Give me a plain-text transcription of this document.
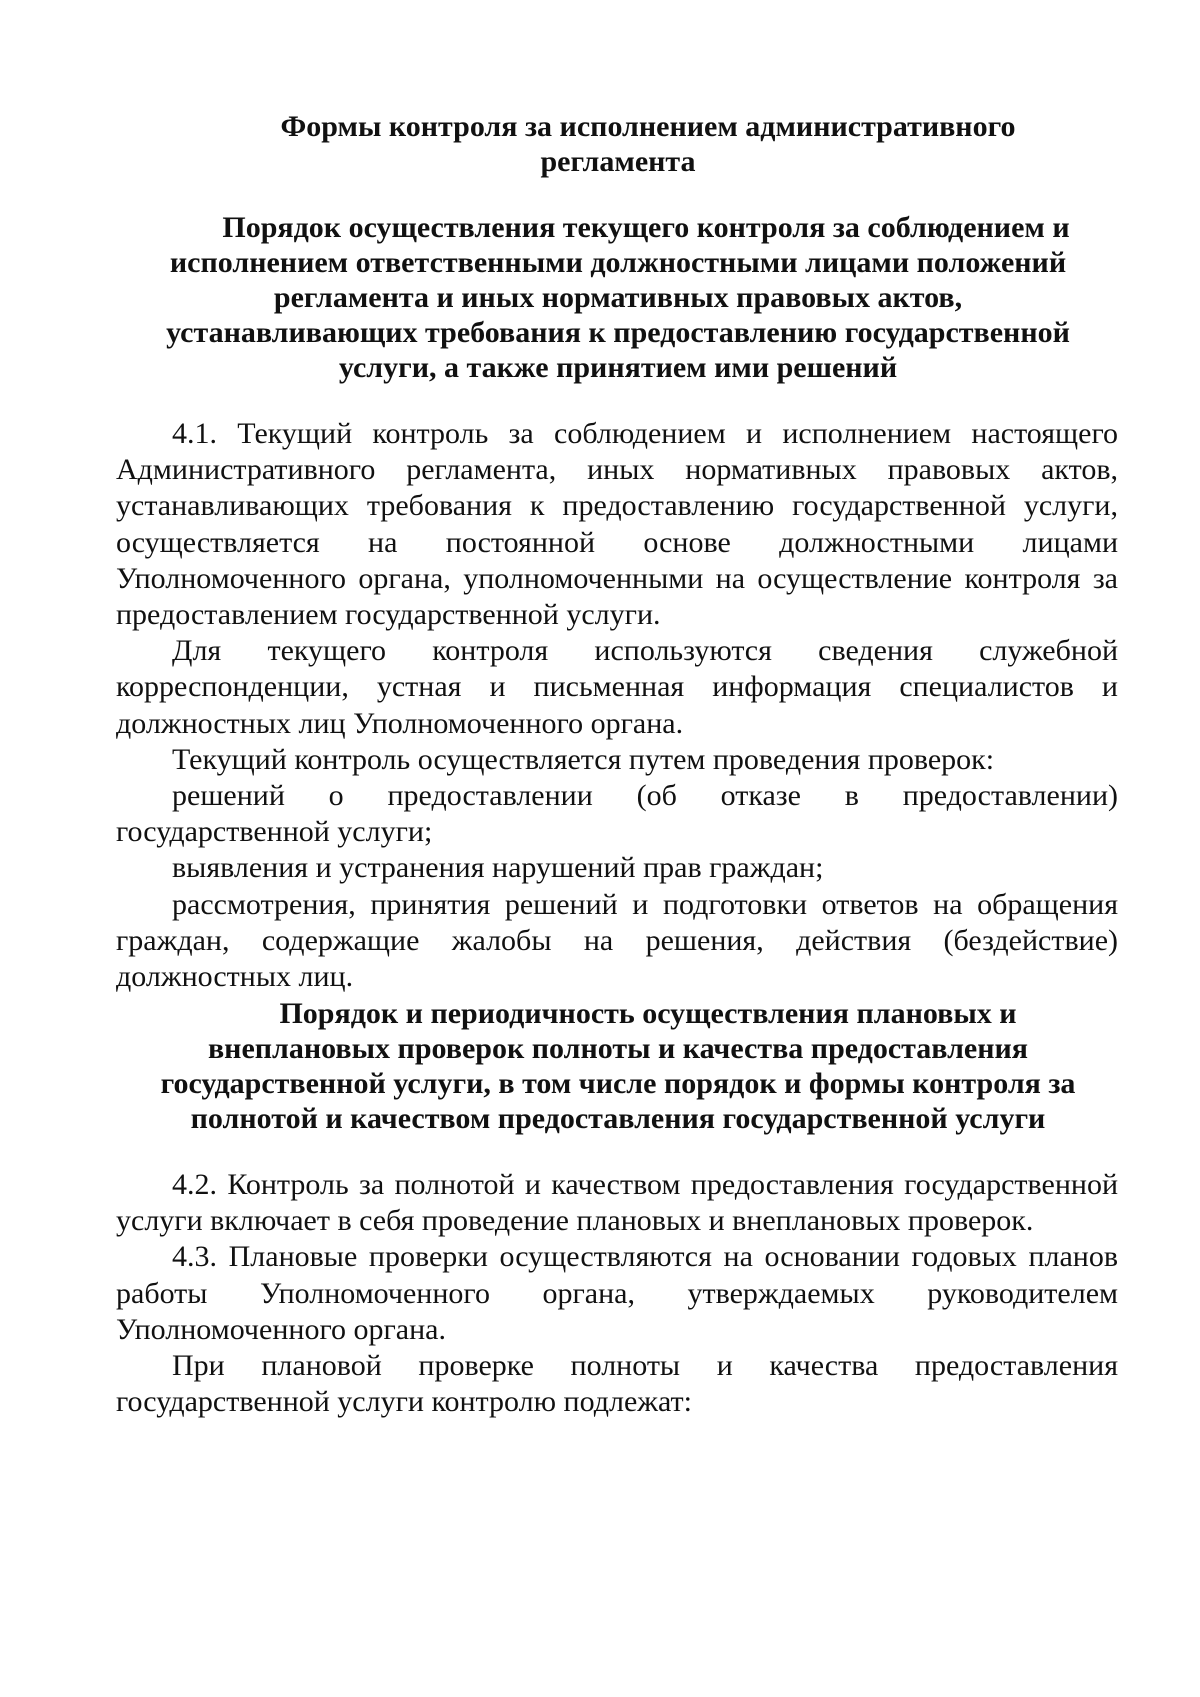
Формы контроля за исполнением административного
регламента
Порядок осуществления текущего контроля за соблюдением и
исполнением ответственными должностными лицами положений
регламента и иных нормативных правовых актов,
устанавливающих требования к предоставлению государственной
услуги, а также принятием ими решений

4.1. Текущий контроль за соблюдением и исполнением настоящего Административного регламента, иных нормативных правовых актов, устанавливающих требования к предоставлению государственной услуги, осуществляется на постоянной основе должностными лицами Уполномоченного органа, уполномоченными на осуществление контроля за предоставлением государственной услуги.

Для текущего контроля используются сведения служебной корреспонденции, устная и письменная информация специалистов и должностных лиц Уполномоченного органа.

Текущий контроль осуществляется путем проведения проверок:

решений о предоставлении (об отказе в предоставлении) государственной услуги;

выявления и устранения нарушений прав граждан;

рассмотрения, принятия решений и подготовки ответов на обращения граждан, содержащие жалобы на решения, действия (бездействие) должностных лиц.

Порядок и периодичность осуществления плановых и
внеплановых проверок полноты и качества предоставления
государственной услуги, в том числе порядок и формы контроля за
полнотой и качеством предоставления государственной услуги

4.2. Контроль за полнотой и качеством предоставления государственной услуги включает в себя проведение плановых и внеплановых проверок.

4.3. Плановые проверки осуществляются на основании годовых планов работы Уполномоченного органа, утверждаемых руководителем Уполномоченного органа.

При плановой проверке полноты и качества предоставления государственной услуги контролю подлежат:
